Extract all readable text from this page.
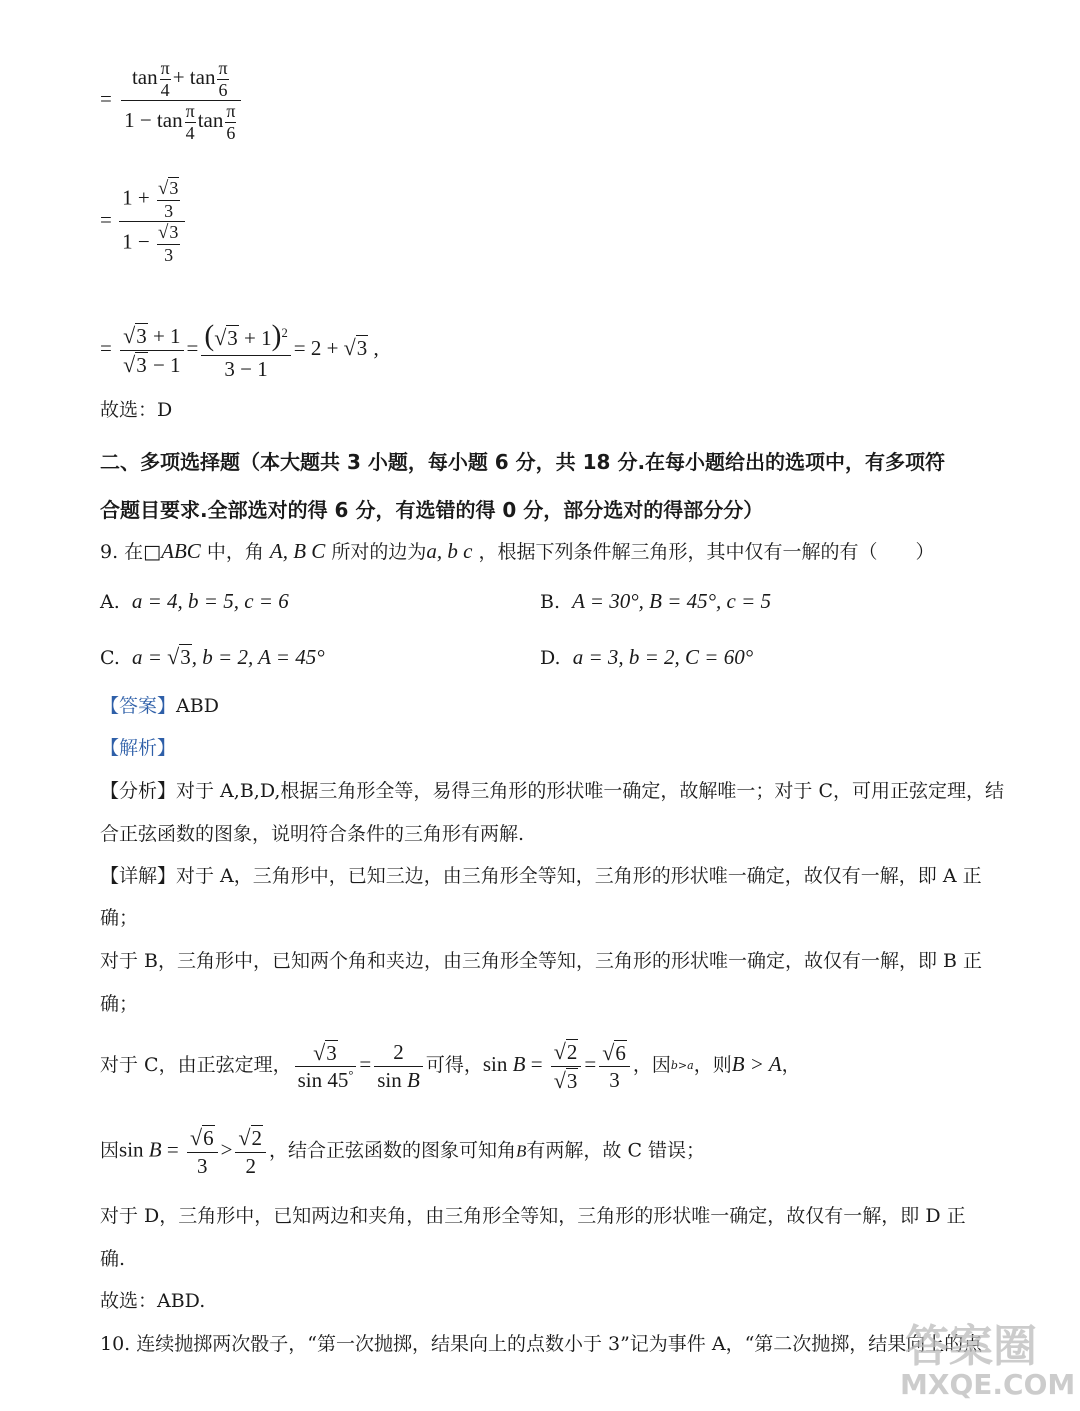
= $\frac{\tan \frac{\pi}{4} + \tan \frac{\pi}{6}}{1 - \tan \frac{\pi}{4} \tan \frac{\pi}{6}}$
= $\frac{1 + \frac{√3}{3}}{1 - \frac{√3}{3}}$
= $\frac{√3 + 1}{√3 - 1} = \frac{(√3 + 1)^2}{3 - 1} = 2 + √3$ ,
故选：D
二、多项选择题（本大题共 3 小题，每小题 6 分，共 18 分.在每小题给出的选项中，有多项符
合题目要求.全部选对的得 6 分，有选错的得 0 分，部分选对的得部分分）
9. 在□ABC 中，角 A, B C 所对的边为a, b c ，根据下列条件解三角形，其中仅有一解的有（　　）
A. a = 4, b = 5, c = 6	B. A = 30°, B = 45°, c = 5
C. a = √3, b = 2, A = 45°	D. a = 3, b = 2, C = 60°
【答案】ABD
【解析】
【分析】对于 A,B,D,根据三角形全等，易得三角形的形状唯一确定，故解唯一；对于 C，可用正弦定理，结
合正弦函数的图象，说明符合条件的三角形有两解.
【详解】对于 A，三角形中，已知三边，由三角形全等知，三角形的形状唯一确定，故仅有一解，即 A 正
确；
对于 B，三角形中，已知两个角和夹边，由三角形全等知，三角形的形状唯一确定，故仅有一解，即 B 正
确；
对于 C，由正弦定理， $\frac{√3}{\sin 45^\circ} = \frac{2}{\text{sin B}}$ 可得，$\sin B = \frac{√2}{√3} = \frac{√6}{3}$ ，因b>a，则B > A，
因$\sin B = \frac{√6}{3} > \frac{√2}{2}$ ，结合正弦函数的图象可知角B有两解，故 C 错误；
对于 D，三角形中，已知两边和夹角，由三角形全等知，三角形的形状唯一确定，故仅有一解，即 D 正
确.
故选：ABD.
10. 连续抛掷两次骰子，“第一次抛掷，结果向上的点数小于 3”记为事件 A，“第二次抛掷，结果向上的点
答案圈
MXQE.COM
